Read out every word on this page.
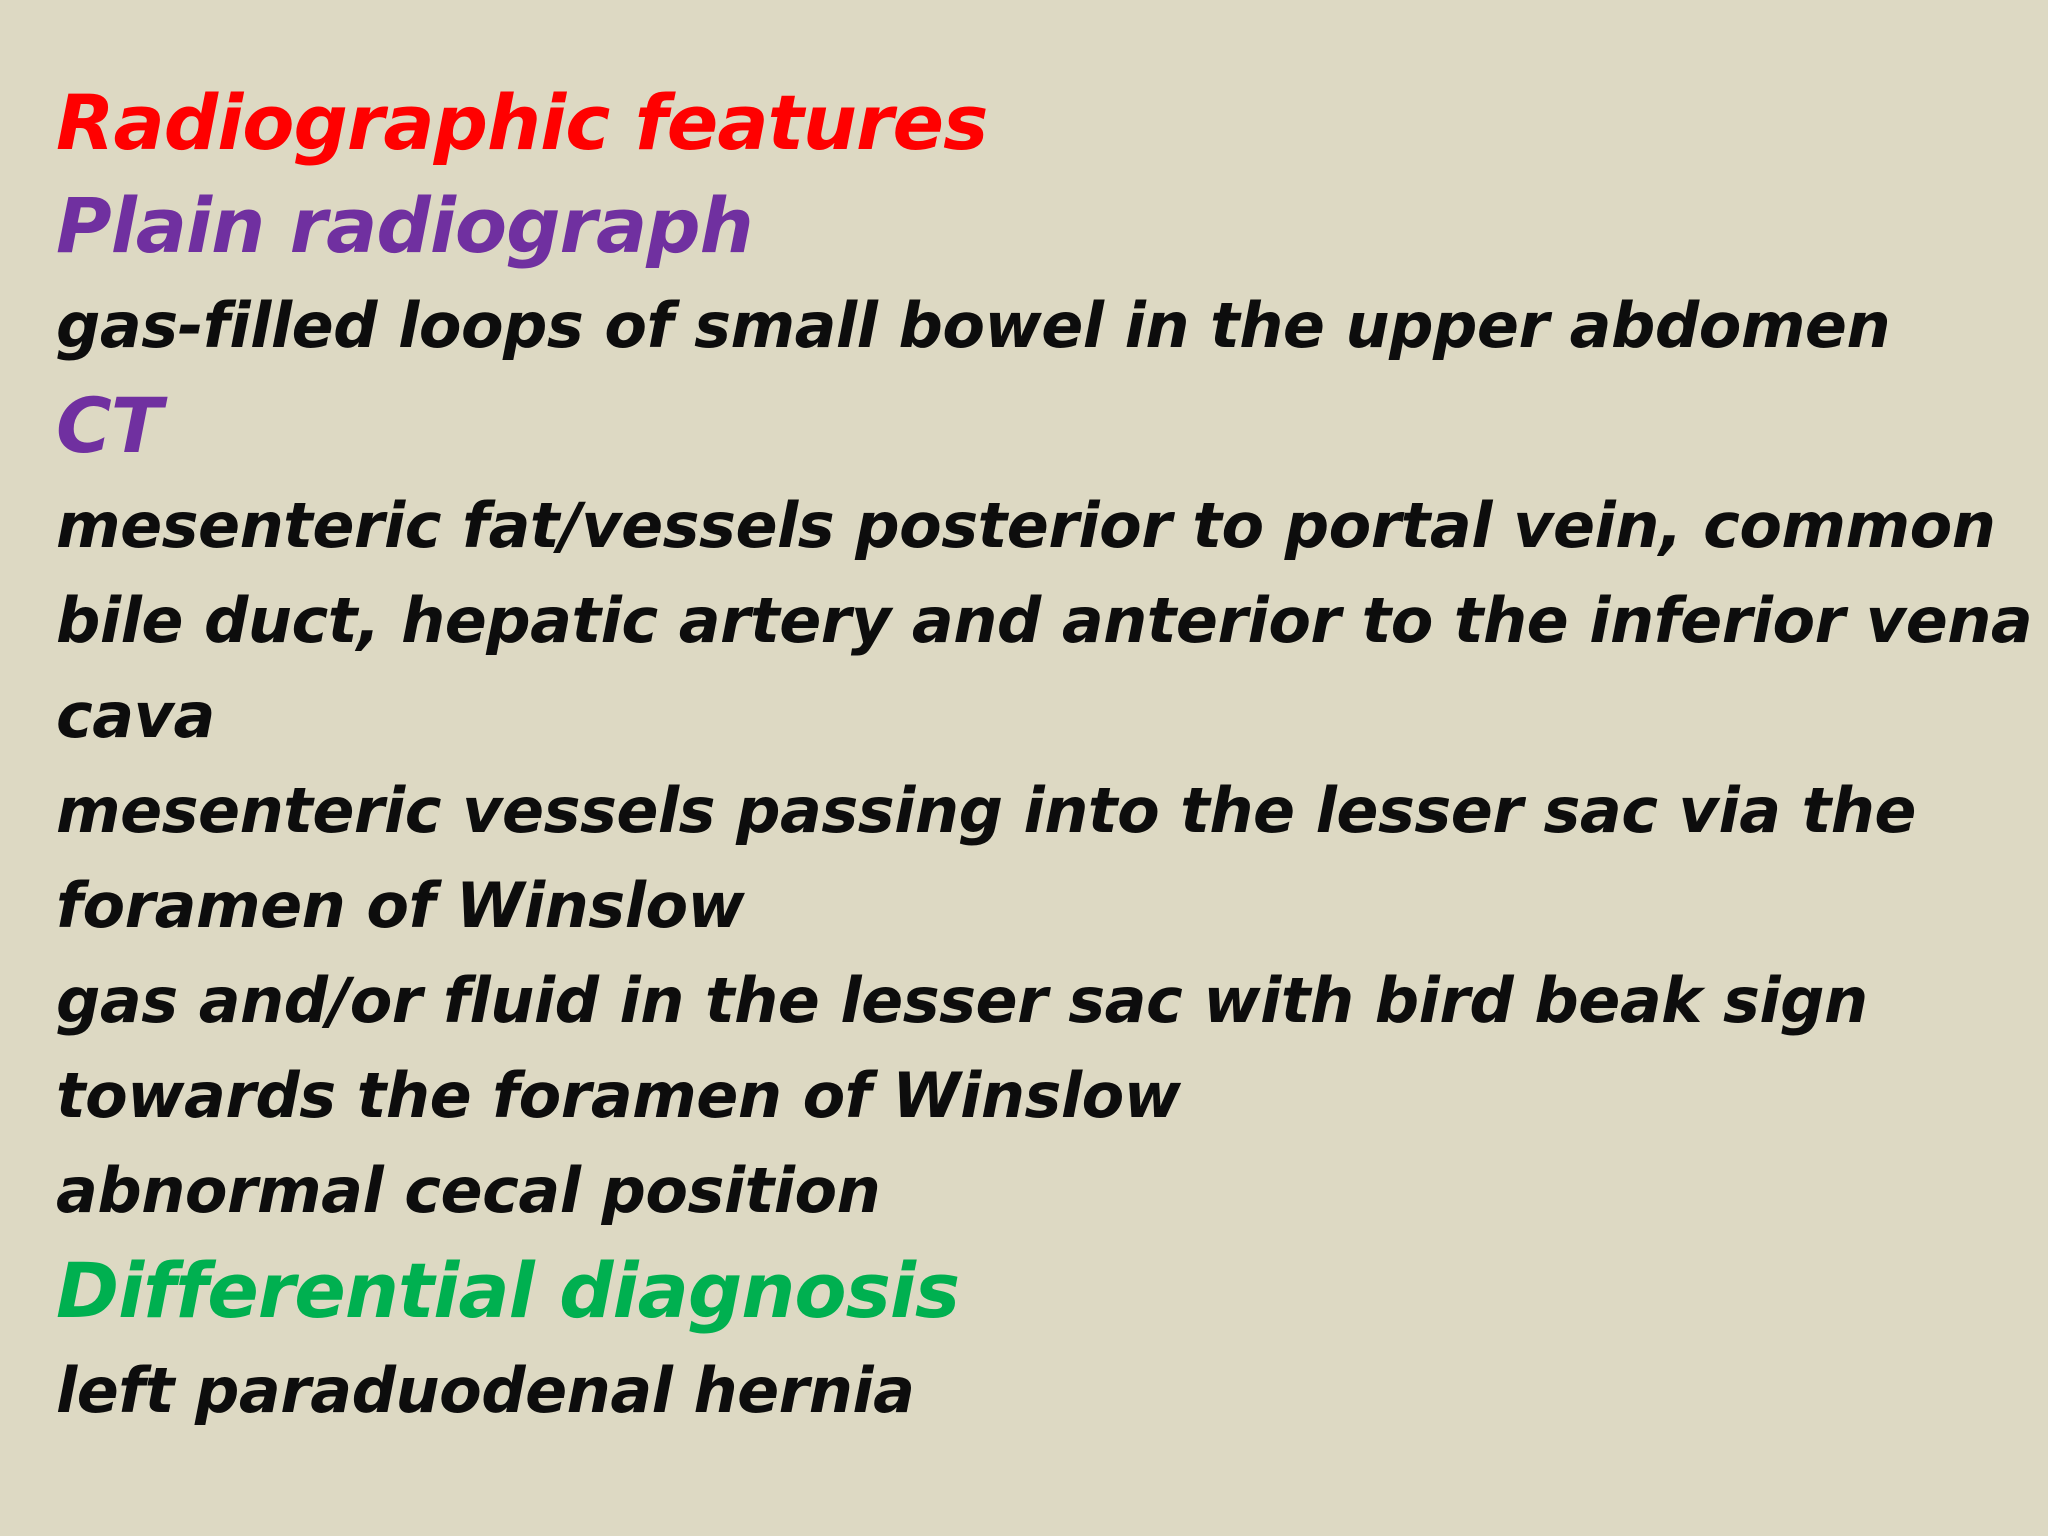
Radiographic features

Plain radiograph

gas-filled loops of small bowel in the upper abdomen

CT

mesenteric fat/vessels posterior to portal vein, common

bile duct, hepatic artery and anterior to the inferior vena

cava

mesenteric vessels passing into the lesser sac via the

foramen of Winslow

gas and/or fluid in the lesser sac with bird beak sign

towards the foramen of Winslow

abnormal cecal position

Differential diagnosis

left paraduodenal hernia
